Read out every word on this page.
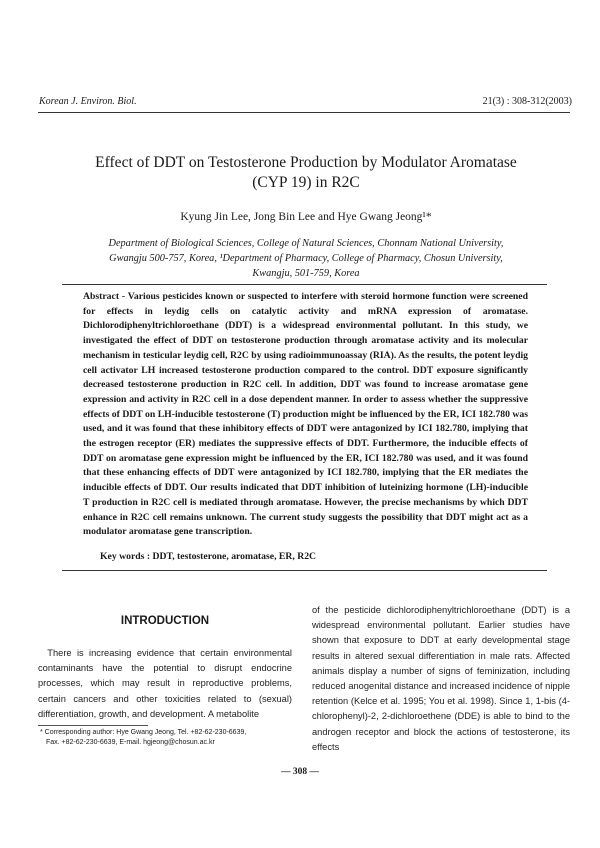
Korean J. Environ. Biol.	21(3) : 308-312(2003)
Effect of DDT on Testosterone Production by Modulator Aromatase
(CYP 19) in R2C
Kyung Jin Lee, Jong Bin Lee and Hye Gwang Jeong¹*
Department of Biological Sciences, College of Natural Sciences, Chonnam National University,
Gwangju 500-757, Korea, ¹Department of Pharmacy, College of Pharmacy, Chosun University,
Kwangju, 501-759, Korea

Abstract - Various pesticides known or suspected to interfere with steroid hormone function were screened for effects in leydig cells on catalytic activity and mRNA expression of aromatase. Dichlorodiphenyltrichloroethane (DDT) is a widespread environmental pollutant. In this study, we investigated the effect of DDT on testosterone production through aromatase activity and its molecular mechanism in testicular leydig cell, R2C by using radioimmunoassay (RIA). As the results, the potent leydig cell activator LH increased testosterone production compared to the control. DDT exposure significantly decreased testosterone production in R2C cell. In addition, DDT was found to increase aromatase gene expression and activity in R2C cell in a dose dependent manner. In order to assess whether the suppressive effects of DDT on LH-inducible testosterone (T) production might be influenced by the ER, ICI 182.780 was used, and it was found that these inhibitory effects of DDT were antagonized by ICI 182.780, implying that the estrogen receptor (ER) mediates the suppressive effects of DDT. Furthermore, the inducible effects of DDT on aromatase gene expression might be influenced by the ER, ICI 182.780 was used, and it was found that these enhancing effects of DDT were antagonized by ICI 182.780, implying that the ER mediates the inducible effects of DDT. Our results indicated that DDT inhibition of luteinizing hormone (LH)-inducible T production in R2C cell is mediated through aromatase. However, the precise mechanisms by which DDT enhance in R2C cell remains unknown. The current study suggests the possibility that DDT might act as a modulator aromatase gene transcription.

Key words : DDT, testosterone, aromatase, ER, R2C
INTRODUCTION

 There is increasing evidence that certain environmental contaminants have the potential to disrupt endocrine processes, which may result in reproductive problems, certain cancers and other toxicities related to (sexual) differentiation, growth, and development. A metabolite

of the pesticide dichlorodiphenyltrichloroethane (DDT) is a widespread environmental pollutant. Earlier studies have shown that exposure to DDT at early developmental stage results in altered sexual differentiation in male rats. Affected animals display a number of signs of feminization, including reduced anogenital distance and increased incidence of nipple retention (Kelce et al. 1995; You et al. 1998). Since 1, 1-bis (4-chlorophenyl)-2, 2-dichloroethene (DDE) is able to bind to the androgen receptor and block the actions of testosterone, its effects

* Corresponding author: Hye Gwang Jeong, Tel. +82-62-230-6639,
Fax. +82-62-230-6639, E-mail. hgjeong@chosun.ac.kr
— 308 —
